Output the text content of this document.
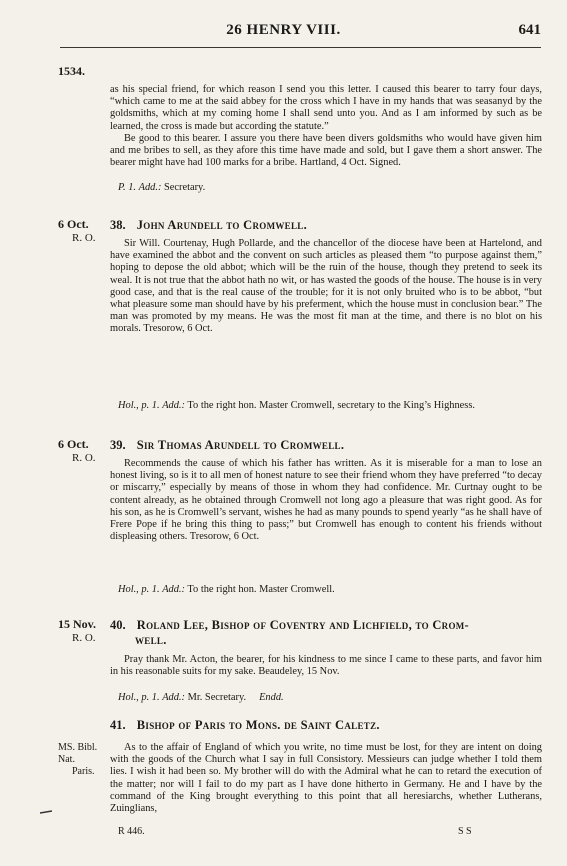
26 HENRY VIII.	641
1534.

as his special friend, for which reason I send you this letter. I caused this bearer to tarry four days, “which came to me at the said abbey for the cross which I have in my hands that was seasanyd by the goldsmiths, which at my coming home I shall send unto you. And as I am informed by such as be learned, the cross is made but according the statute.”

Be good to this bearer. I assure you there have been divers goldsmiths who would have given him and me bribes to sell, as they afore this time have made and sold, but I gave them a short answer. The bearer might have had 100 marks for a bribe. Hartland, 4 Oct. Signed.

P. 1. Add.: Secretary.
6 Oct.
R. O.
38. John Arundell to Cromwell.

Sir Will. Courtenay, Hugh Pollarde, and the chancellor of the diocese have been at Hartelond, and have examined the abbot and the convent on such articles as pleased them “to purpose against them,” hoping to depose the old abbot; which will be the ruin of the house, though they pretend to seek its weal. It is not true that the abbot hath no wit, or has wasted the goods of the house. The house is in very good case, and that is the real cause of the trouble; for it is not only bruited who is to be abbot, “but what pleasure some man should have by his preferment, which the house must in conclusion bear.” The man was promoted by my means. He was the most fit man at the time, and there is no blot on his morals. Tresorow, 6 Oct.

Hol., p. 1. Add.: To the right hon. Master Cromwell, secretary to the King’s Highness.
6 Oct.
R. O.
39. Sir Thomas Arundell to Cromwell.

Recommends the cause of which his father has written. As it is miserable for a man to lose an honest living, so is it to all men of honest nature to see their friend whom they have preferred “to decay or miscarry,” especially by means of those in whom they had confidence. Mr. Curtnay ought to be content already, as he obtained through Cromwell not long ago a pleasure that was right good. As for his son, as he is Cromwell’s servant, wishes he had as many pounds to spend yearly “as he shall have of Frere Pope if he bring this thing to pass;” but Cromwell has enough to content his friends without displeasing others. Tresorow, 6 Oct.

Hol., p. 1. Add.: To the right hon. Master Cromwell.
15 Nov.
R. O.
40. Roland Lee, Bishop of Coventry and Lichfield, to Crom-
well.

Pray thank Mr. Acton, the bearer, for his kindness to me since I came to these parts, and favor him in his reasonable suits for my sake. Beaudeley, 15 Nov.

Hol., p. 1. Add.: Mr. Secretary. Endd.
41. Bishop of Paris to Mons. de Saint Caletz.
MS. Bibl. Nat.
Paris.

As to the affair of England of which you write, no time must be lost, for they are intent on doing with the goods of the Church what I say in full Consistory. Messieurs can judge whether I told them lies. I wish it had been so. My brother will do with the Admiral what he can to retard the execution of the matter; nor will I fail to do my part as I have done hitherto in Germany. He and I have by the command of the King brought everything to this point that all heresiarchs, whether Lutherans, Zuinglians,

R 446.	S S
